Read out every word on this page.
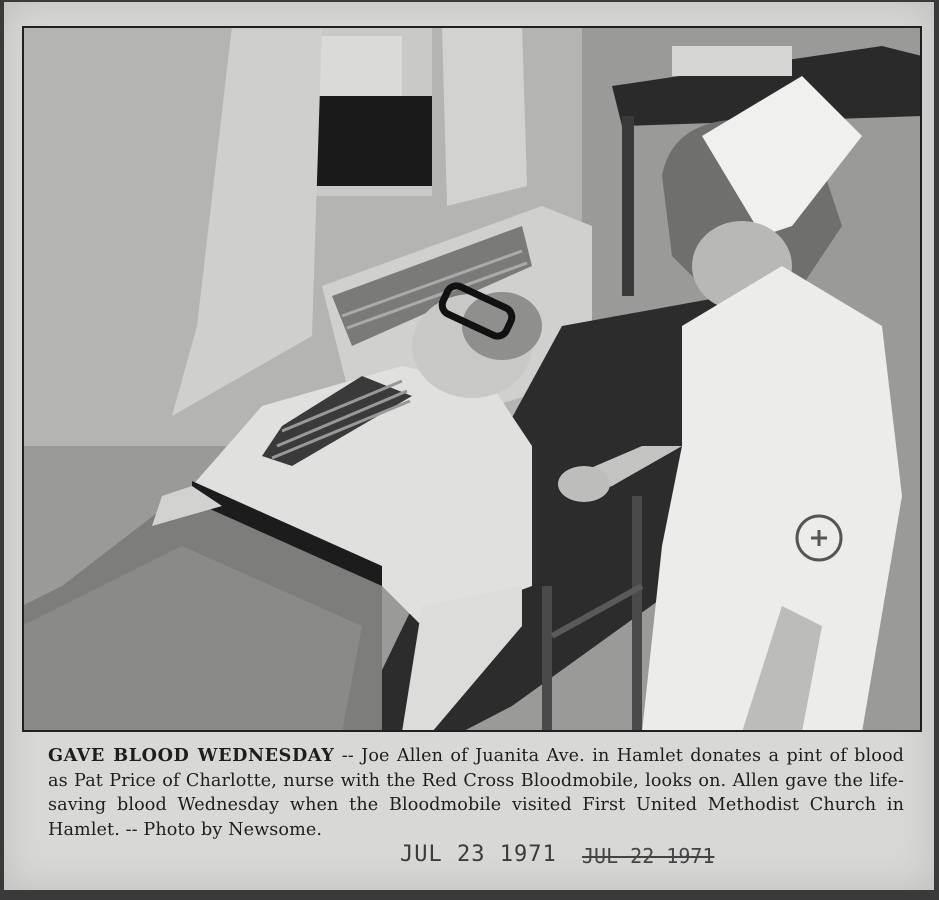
GAVE BLOOD WEDNESDAY -- Joe Allen of Juanita Ave. in Hamlet donates a pint of blood as Pat Price of Charlotte, nurse with the Red Cross Bloodmobile, looks on. Allen gave the life-saving blood Wednesday when the Bloodmobile visited First United Methodist Church in Hamlet. -- Photo by Newsome.
JUL 23 1971 JUL 22 1971
